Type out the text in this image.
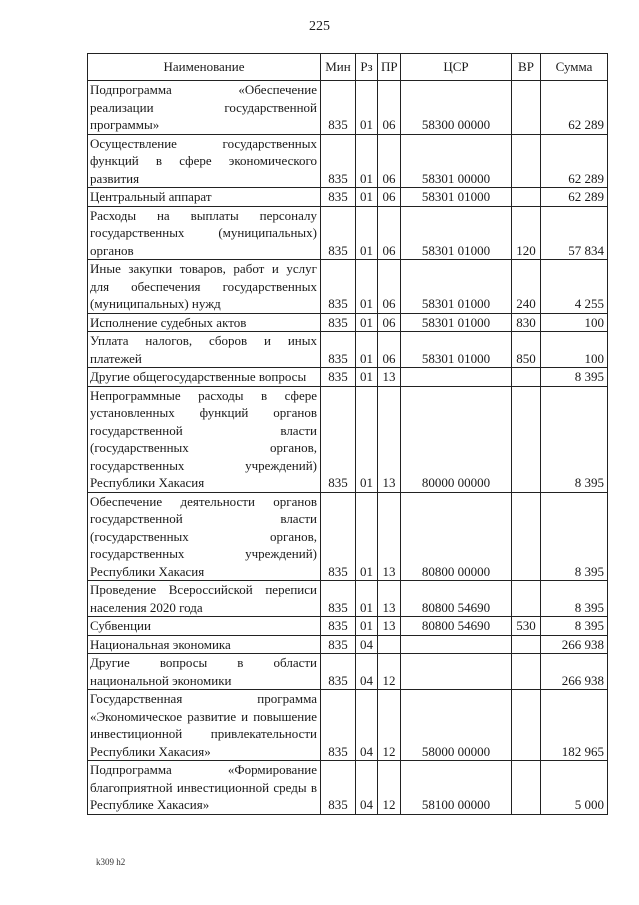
225
Наименование	Мин	Рз	ПР	ЦСР	ВР	Сумма
Подпрограмма «Обеспечение реализации государственной программы»	835	01	06	58300 00000		62 289
Осуществление государственных функций в сфере экономического развития	835	01	06	58301 00000		62 289
Центральный аппарат	835	01	06	58301 01000		62 289
Расходы на выплаты персоналу государственных (муниципальных) органов	835	01	06	58301 01000	120	57 834
Иные закупки товаров, работ и услуг для обеспечения государственных (муниципальных) нужд	835	01	06	58301 01000	240	4 255
Исполнение судебных актов	835	01	06	58301 01000	830	100
Уплата налогов, сборов и иных платежей	835	01	06	58301 01000	850	100
Другие общегосударственные вопросы	835	01	13			8 395
Непрограммные расходы в сфере установленных функций органов государственной власти (государственных органов, государственных учреждений) Республики Хакасия	835	01	13	80000 00000		8 395
Обеспечение деятельности органов государственной власти (государственных органов, государственных учреждений) Республики Хакасия	835	01	13	80800 00000		8 395
Проведение Всероссийской переписи населения 2020 года	835	01	13	80800 54690		8 395
Субвенции	835	01	13	80800 54690	530	8 395
Национальная экономика	835	04				266 938
Другие вопросы в области национальной экономики	835	04	12			266 938
Государственная программа «Экономическое развитие и повышение инвестиционной привлекательности Республики Хакасия»	835	04	12	58000 00000		182 965
Подпрограмма «Формирование благоприятной инвестиционной среды в Республике Хакасия»	835	04	12	58100 00000		5 000
k309 h2
